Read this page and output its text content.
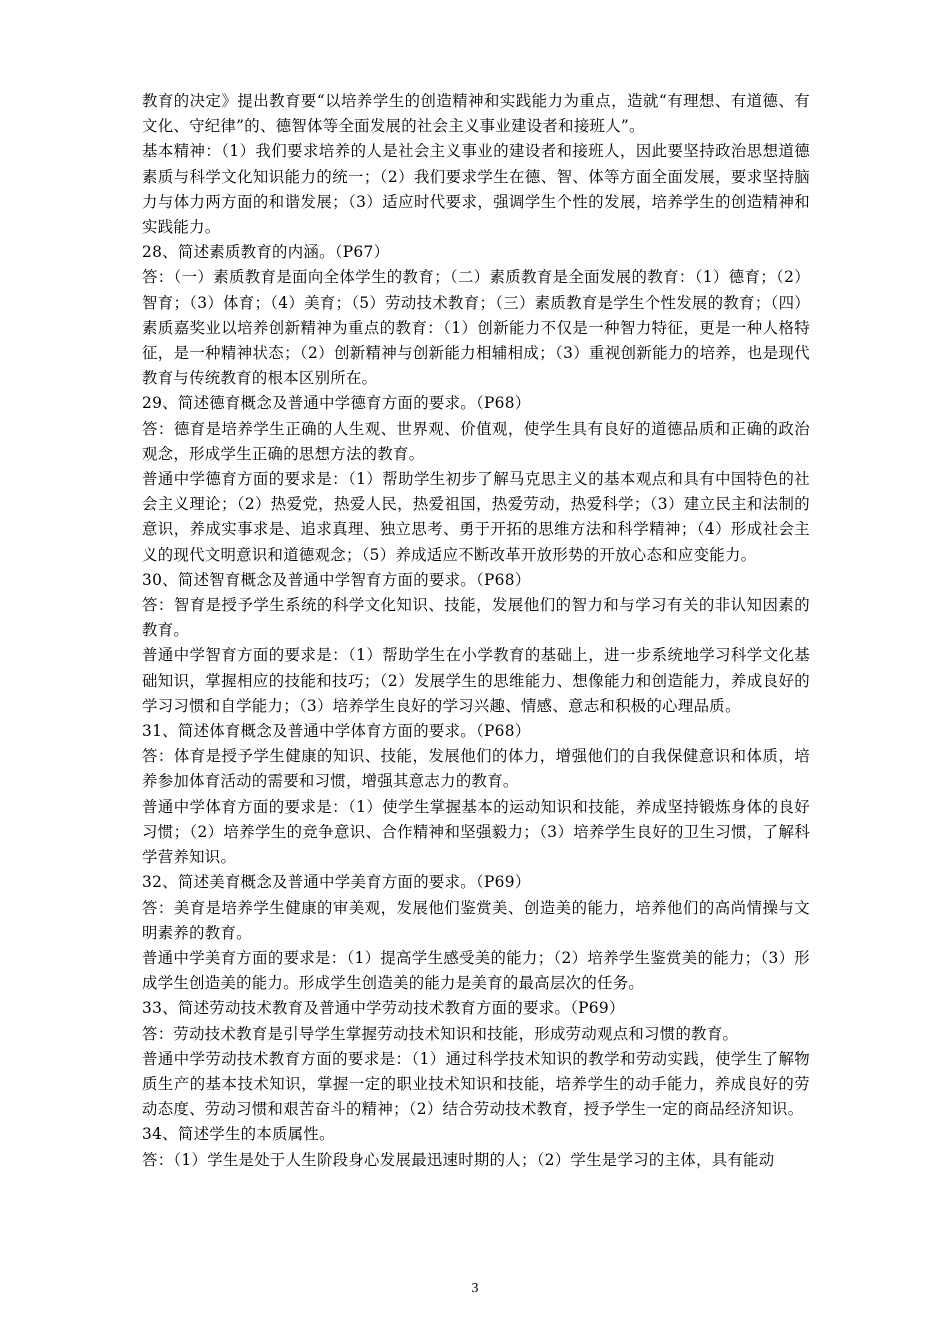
教育的决定》提出教育要“以培养学生的创造精神和实践能力为重点，造就“有理想、有道德、有文化、守纪律”的、德智体等全面发展的社会主义事业建设者和接班人”。

基本精神：（1）我们要求培养的人是社会主义事业的建设者和接班人，因此要坚持政治思想道德素质与科学文化知识能力的统一；（2）我们要求学生在德、智、体等方面全面发展，要求坚持脑力与体力两方面的和谐发展；（3）适应时代要求，强调学生个性的发展，培养学生的创造精神和实践能力。

28、简述素质教育的内涵。（P67）

答：（一）素质教育是面向全体学生的教育；（二）素质教育是全面发展的教育：（1）德育；（2）智育；（3）体育；（4）美育；（5）劳动技术教育；（三）素质教育是学生个性发展的教育；（四）素质嘉奖业以培养创新精神为重点的教育：（1）创新能力不仅是一种智力特征，更是一种人格特征，是一种精神状态；（2）创新精神与创新能力相辅相成；（3）重视创新能力的培养，也是现代教育与传统教育的根本区别所在。

29、简述德育概念及普通中学德育方面的要求。（P68）

答：德育是培养学生正确的人生观、世界观、价值观，使学生具有良好的道德品质和正确的政治观念，形成学生正确的思想方法的教育。

普通中学德育方面的要求是：（1）帮助学生初步了解马克思主义的基本观点和具有中国特色的社会主义理论；（2）热爱党，热爱人民，热爱祖国，热爱劳动，热爱科学；（3）建立民主和法制的意识，养成实事求是、追求真理、独立思考、勇于开拓的思维方法和科学精神；（4）形成社会主义的现代文明意识和道德观念；（5）养成适应不断改革开放形势的开放心态和应变能力。

30、简述智育概念及普通中学智育方面的要求。（P68）

答：智育是授予学生系统的科学文化知识、技能，发展他们的智力和与学习有关的非认知因素的教育。

普通中学智育方面的要求是：（1）帮助学生在小学教育的基础上，进一步系统地学习科学文化基础知识，掌握相应的技能和技巧；（2）发展学生的思维能力、想像能力和创造能力，养成良好的学习习惯和自学能力；（3）培养学生良好的学习兴趣、情感、意志和积极的心理品质。

31、简述体育概念及普通中学体育方面的要求。（P68）

答：体育是授予学生健康的知识、技能，发展他们的体力，增强他们的自我保健意识和体质，培养参加体育活动的需要和习惯，增强其意志力的教育。

普通中学体育方面的要求是：（1）使学生掌握基本的运动知识和技能，养成坚持锻炼身体的良好习惯；（2）培养学生的竞争意识、合作精神和坚强毅力；（3）培养学生良好的卫生习惯，了解科学营养知识。

32、简述美育概念及普通中学美育方面的要求。（P69）

答：美育是培养学生健康的审美观，发展他们鉴赏美、创造美的能力，培养他们的高尚情操与文明素养的教育。

普通中学美育方面的要求是：（1）提高学生感受美的能力；（2）培养学生鉴赏美的能力；（3）形成学生创造美的能力。形成学生创造美的能力是美育的最高层次的任务。

33、简述劳动技术教育及普通中学劳动技术教育方面的要求。（P69）

答：劳动技术教育是引导学生掌握劳动技术知识和技能，形成劳动观点和习惯的教育。

普通中学劳动技术教育方面的要求是：（1）通过科学技术知识的教学和劳动实践，使学生了解物质生产的基本技术知识，掌握一定的职业技术知识和技能，培养学生的动手能力，养成良好的劳动态度、劳动习惯和艰苦奋斗的精神；（2）结合劳动技术教育，授予学生一定的商品经济知识。

34、简述学生的本质属性。

答：（1）学生是处于人生阶段身心发展最迅速时期的人；（2）学生是学习的主体，具有能动

3
